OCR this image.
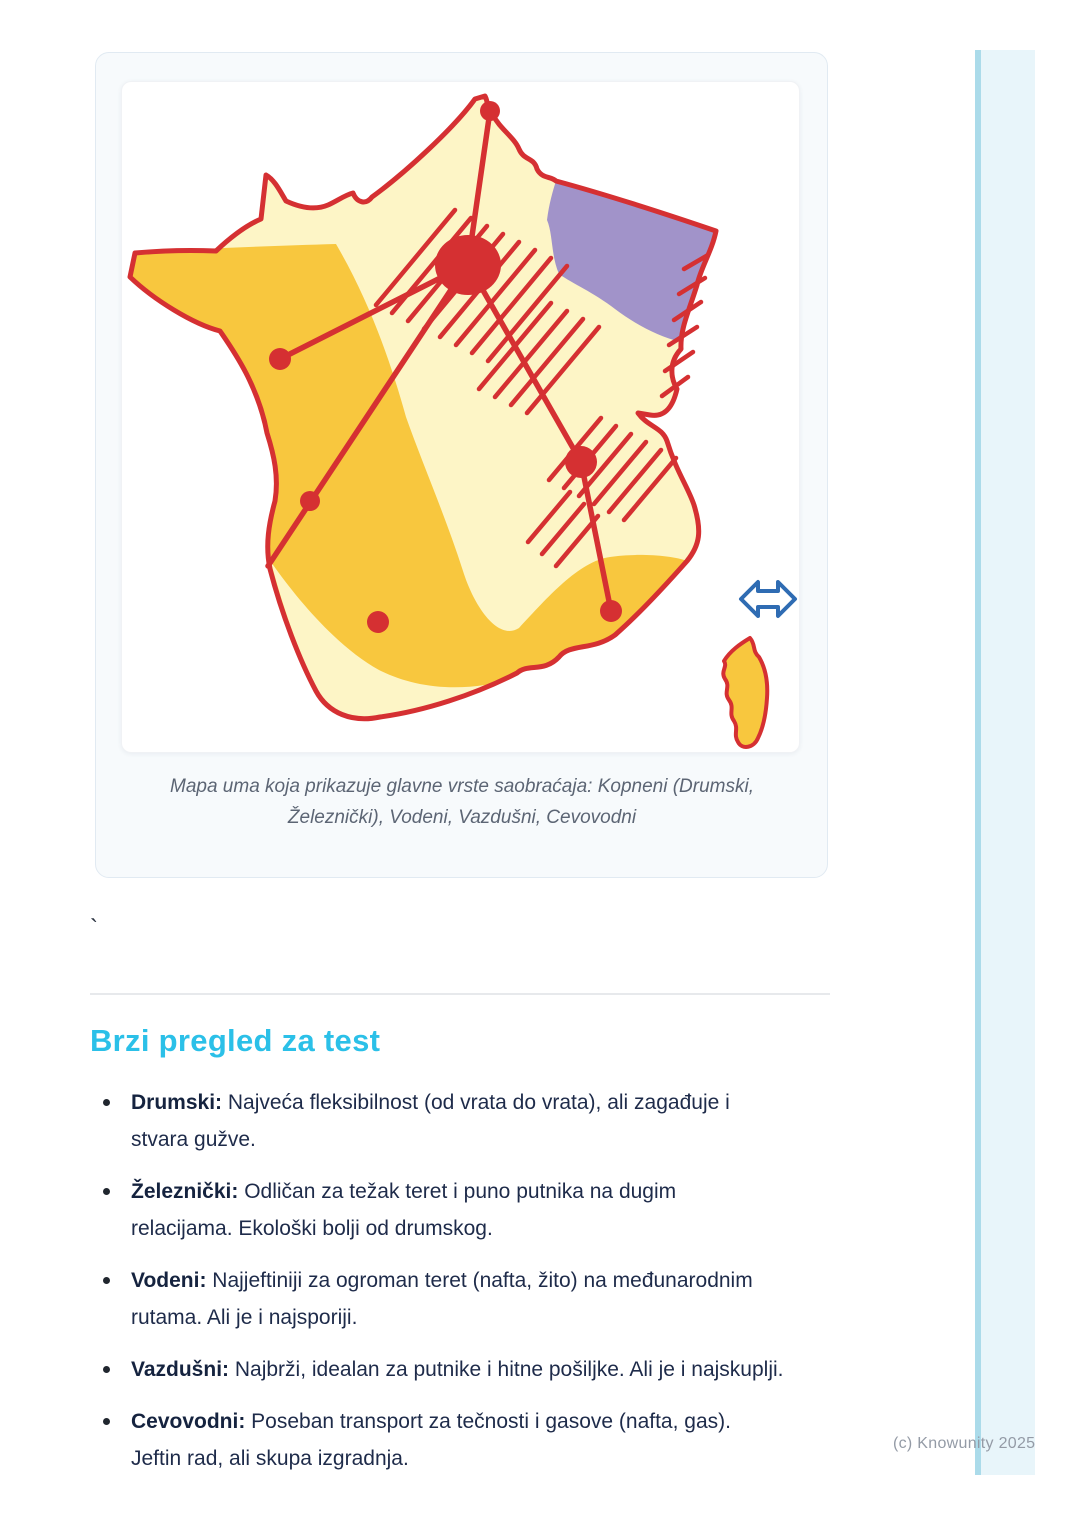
Mapa uma koja prikazuje glavne vrste saobraćaja: Kopneni (Drumski,
Železnički), Vodeni, Vazdušni, Cevovodni

`
Brzi pregled za test
Drumski: Najveća fleksibilnost (od vrata do vrata), ali zagađuje i
stvara gužve.
Železnički: Odličan za težak teret i puno putnika na dugim
relacijama. Ekološki bolji od drumskog.
Vodeni: Najjeftiniji za ogroman teret (nafta, žito) na međunarodnim
rutama. Ali je i najsporiji.
Vazdušni: Najbrži, idealan za putnike i hitne pošiljke. Ali je i najskuplji.
Cevovodni: Poseban transport za tečnosti i gasove (nafta, gas).
Jeftin rad, ali skupa izgradnja.
(c) Knowunity 2025
